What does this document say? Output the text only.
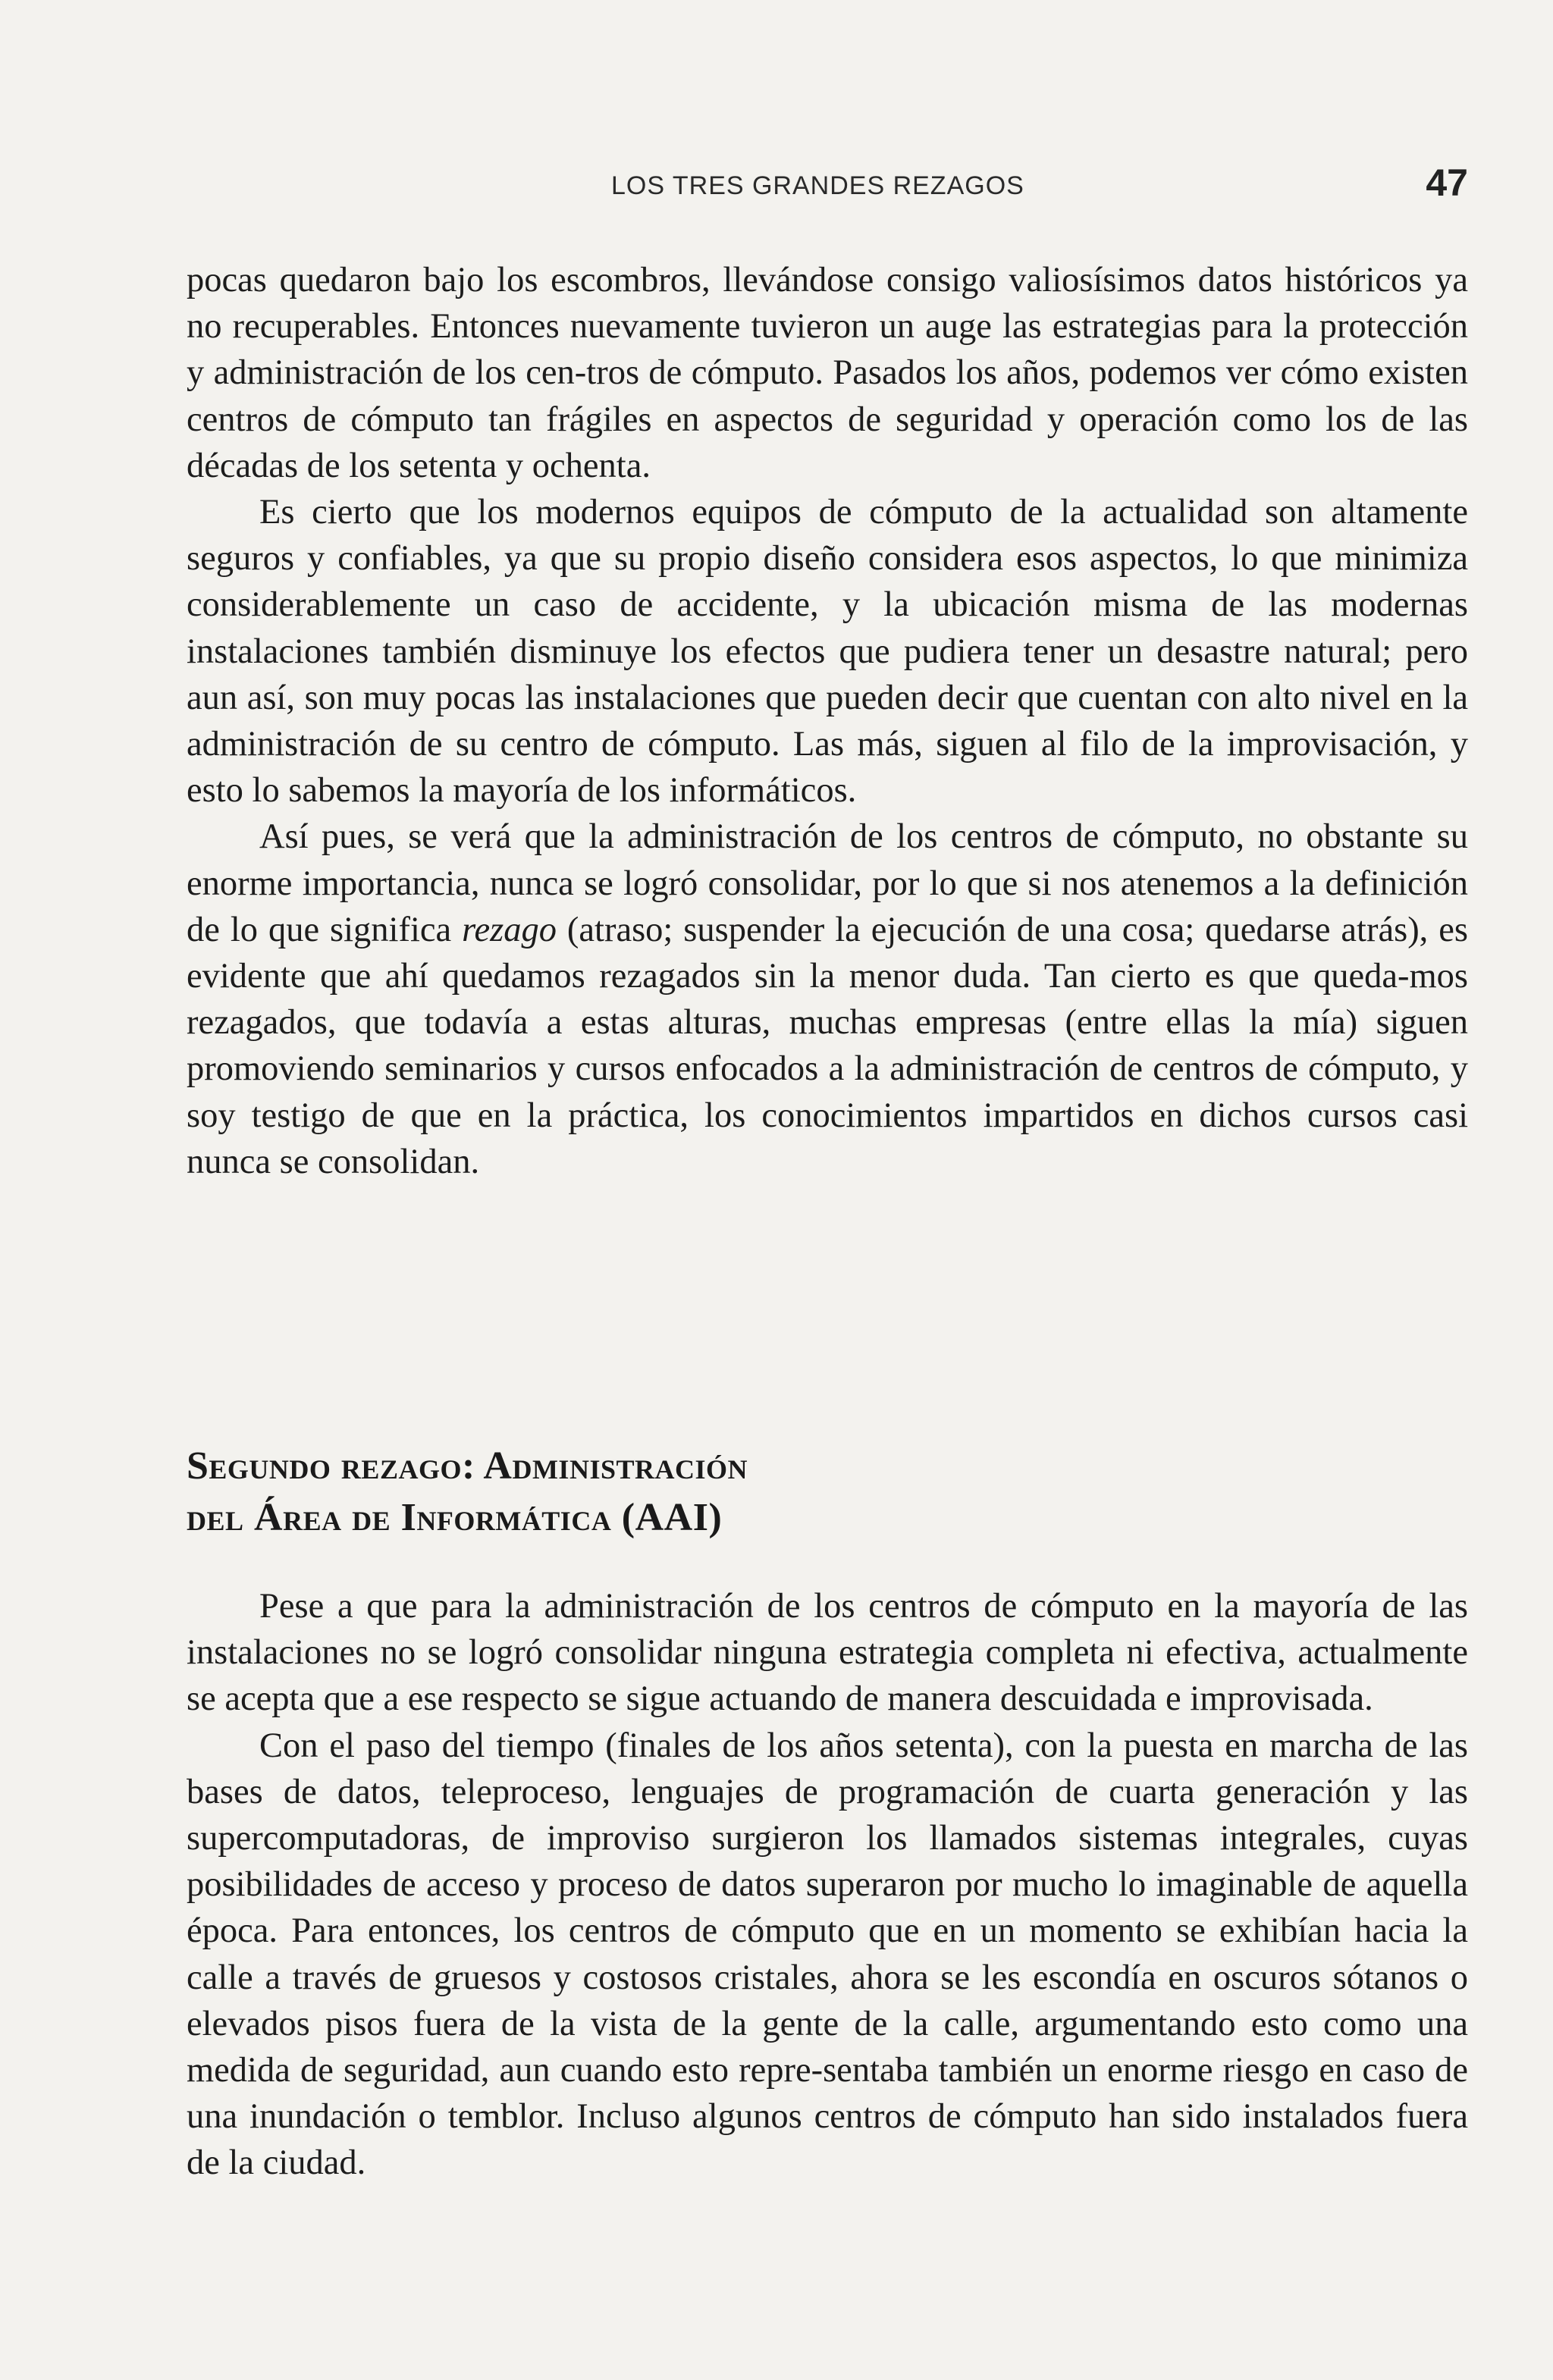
LOS TRES GRANDES REZAGOS	47

pocas quedaron bajo los escombros, llevándose consigo valiosísimos datos históricos ya no recuperables. Entonces nuevamente tuvieron un auge las estrategias para la protección y administración de los cen-tros de cómputo. Pasados los años, podemos ver cómo existen centros de cómputo tan frágiles en aspectos de seguridad y operación como los de las décadas de los setenta y ochenta.

Es cierto que los modernos equipos de cómputo de la actualidad son altamente seguros y confiables, ya que su propio diseño considera esos aspectos, lo que minimiza considerablemente un caso de accidente, y la ubicación misma de las modernas instalaciones también disminuye los efectos que pudiera tener un desastre natural; pero aun así, son muy pocas las instalaciones que pueden decir que cuentan con alto nivel en la administración de su centro de cómputo. Las más, siguen al filo de la improvisación, y esto lo sabemos la mayoría de los informáticos.

Así pues, se verá que la administración de los centros de cómputo, no obstante su enorme importancia, nunca se logró consolidar, por lo que si nos atenemos a la definición de lo que significa rezago (atraso; suspender la ejecución de una cosa; quedarse atrás), es evidente que ahí quedamos rezagados sin la menor duda. Tan cierto es que queda-mos rezagados, que todavía a estas alturas, muchas empresas (entre ellas la mía) siguen promoviendo seminarios y cursos enfocados a la administración de centros de cómputo, y soy testigo de que en la práctica, los conocimientos impartidos en dichos cursos casi nunca se consolidan.

Segundo rezago: Administración
del Área de Informática (AAI)

Pese a que para la administración de los centros de cómputo en la mayoría de las instalaciones no se logró consolidar ninguna estrategia completa ni efectiva, actualmente se acepta que a ese respecto se sigue actuando de manera descuidada e improvisada.

Con el paso del tiempo (finales de los años setenta), con la puesta en marcha de las bases de datos, teleproceso, lenguajes de programación de cuarta generación y las supercomputadoras, de improviso surgieron los llamados sistemas integrales, cuyas posibilidades de acceso y proceso de datos superaron por mucho lo imaginable de aquella época. Para entonces, los centros de cómputo que en un momento se exhibían hacia la calle a través de gruesos y costosos cristales, ahora se les escondía en oscuros sótanos o elevados pisos fuera de la vista de la gente de la calle, argumentando esto como una medida de seguridad, aun cuando esto repre-sentaba también un enorme riesgo en caso de una inundación o temblor. Incluso algunos centros de cómputo han sido instalados fuera de la ciudad.
